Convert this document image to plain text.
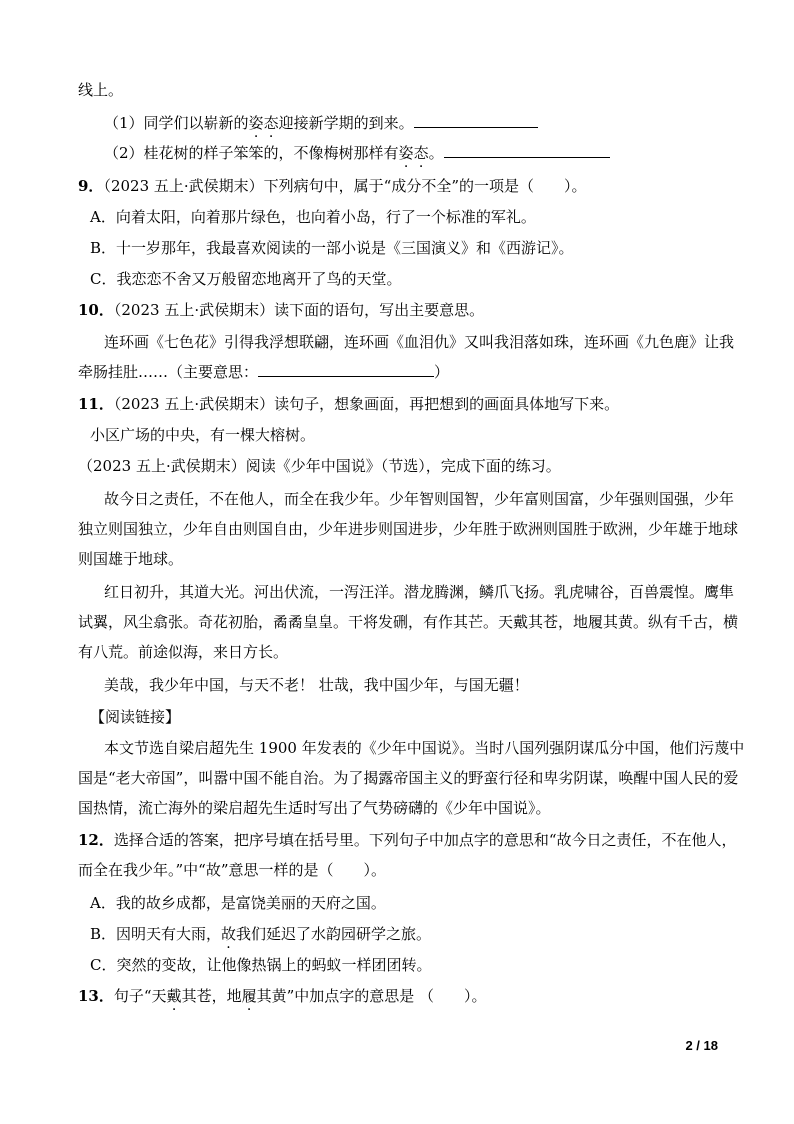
线上。
（1）同学们以崭新的姿态迎接新学期的到来。
（2）桂花树的样子笨笨的，不像梅树那样有姿态。
9．（2023 五上·武侯期末）下列病句中，属于“成分不全”的一项是（　　）。
A．向着太阳，向着那片绿色，也向着小岛，行了一个标准的军礼。
B．十一岁那年，我最喜欢阅读的一部小说是《三国演义》和《西游记》。
C．我恋恋不舍又万般留恋地离开了鸟的天堂。
10．（2023 五上·武侯期末）读下面的语句，写出主要意思。
连环画《七色花》引得我浮想联翩，连环画《血泪仇》又叫我泪落如珠，连环画《九色鹿》让我
牵肠挂肚……（主要意思：	）
11．（2023 五上·武侯期末）读句子，想象画面，再把想到的画面具体地写下来。
小区广场的中央，有一棵大榕树。
（2023 五上·武侯期末）阅读《少年中国说》（节选），完成下面的练习。
故今日之责任，不在他人，而全在我少年。少年智则国智，少年富则国富，少年强则国强，少年
独立则国独立，少年自由则国自由，少年进步则国进步，少年胜于欧洲则国胜于欧洲，少年雄于地球
则国雄于地球。
红日初升，其道大光。河出伏流，一泻汪洋。潜龙腾渊，鳞爪飞扬。乳虎啸谷，百兽震惶。鹰隼
试翼，风尘翕张。奇花初胎，矞矞皇皇。干将发硎，有作其芒。天戴其苍，地履其黄。纵有千古，横
有八荒。前途似海，来日方长。
美哉，我少年中国，与天不老！ 壮哉，我中国少年，与国无疆！
【阅读链接】
本文节选自梁启超先生 1900 年发表的《少年中国说》。当时八国列强阴谋瓜分中国，他们污蔑中
国是“老大帝国”，叫嚣中国不能自治。为了揭露帝国主义的野蛮行径和卑劣阴谋，唤醒中国人民的爱
国热情，流亡海外的梁启超先生适时写出了气势磅礴的《少年中国说》。
12．选择合适的答案，把序号填在括号里。下列句子中加点字的意思和“故今日之责任，不在他人，
而全在我少年。”中“故”意思一样的是（　　）。
A．我的故乡成都，是富饶美丽的天府之国。
B．因明天有大雨，故我们延迟了水韵园研学之旅。
C．突然的变故，让他像热锅上的蚂蚁一样团团转。
13．句子“天戴其苍，地履其黄”中加点字的意思是 （　　）。
2 / 18
